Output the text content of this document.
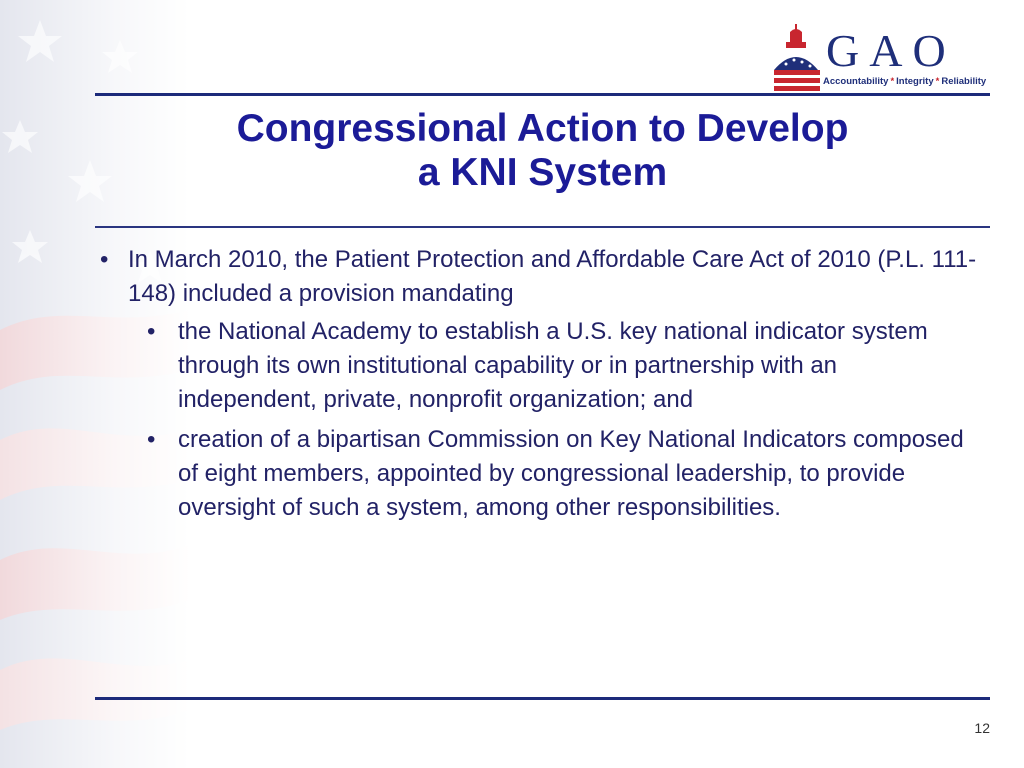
GAO
Accountability * Integrity * Reliability
Congressional Action to Develop
a KNI System
• In March 2010, the Patient Protection and Affordable Care Act of 2010 (P.L. 111-148) included a provision mandating
• the National Academy to establish a U.S. key national indicator system through its own institutional capability or in partnership with an independent, private, nonprofit organization; and
• creation of a bipartisan Commission on Key National Indicators composed of eight members, appointed by congressional leadership, to provide oversight of such a system, among other responsibilities.
12
